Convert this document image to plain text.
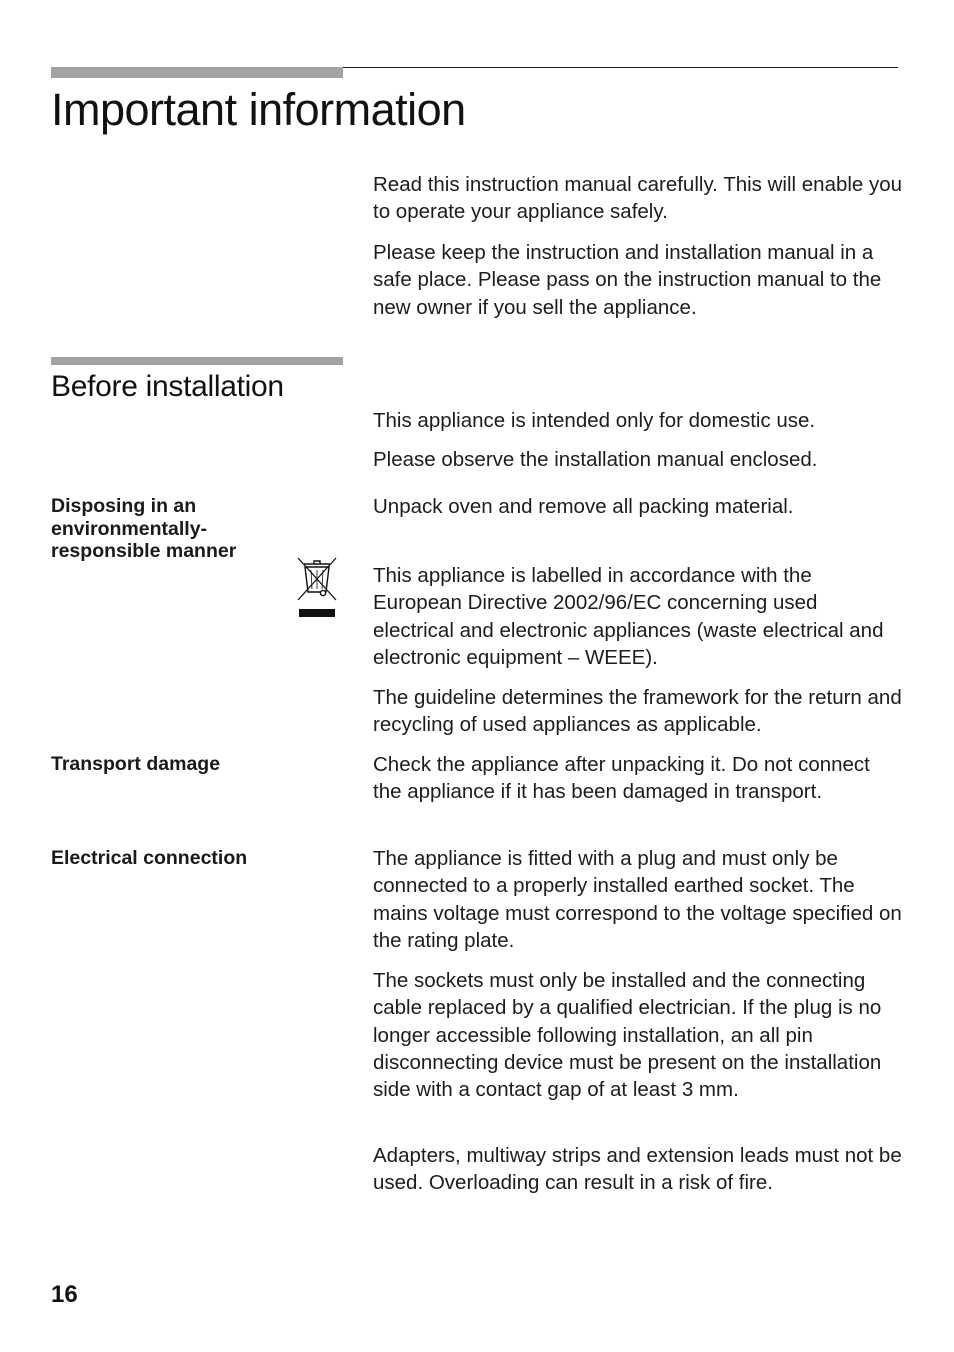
Important information

Read this instruction manual carefully. This will enable you to operate your appliance safely.

Please keep the instruction and installation manual in a safe place. Please pass on the instruction manual to the new owner if you sell the appliance.

Before installation

This appliance is intended only for domestic use.

Please observe the installation manual enclosed.

Disposing in an environmentally-responsible manner

Unpack oven and remove all packing material.

This appliance is labelled in accordance with the European Directive 2002/96/EC concerning used electrical and electronic appliances (waste electrical and electronic equipment – WEEE).

The guideline determines the framework for the return and recycling of used appliances as applicable.

Transport damage	Check the appliance after unpacking it. Do not connect the appliance if it has been damaged in transport.

Electrical connection	The appliance is fitted with a plug and must only be connected to a properly installed earthed socket. The mains voltage must correspond to the voltage specified on the rating plate.

The sockets must only be installed and the connecting cable replaced by a qualified electrician. If the plug is no longer accessible following installation, an all pin disconnecting device must be present on the installation side with a contact gap of at least 3 mm.

Adapters, multiway strips and extension leads must not be used. Overloading can result in a risk of fire.

16
